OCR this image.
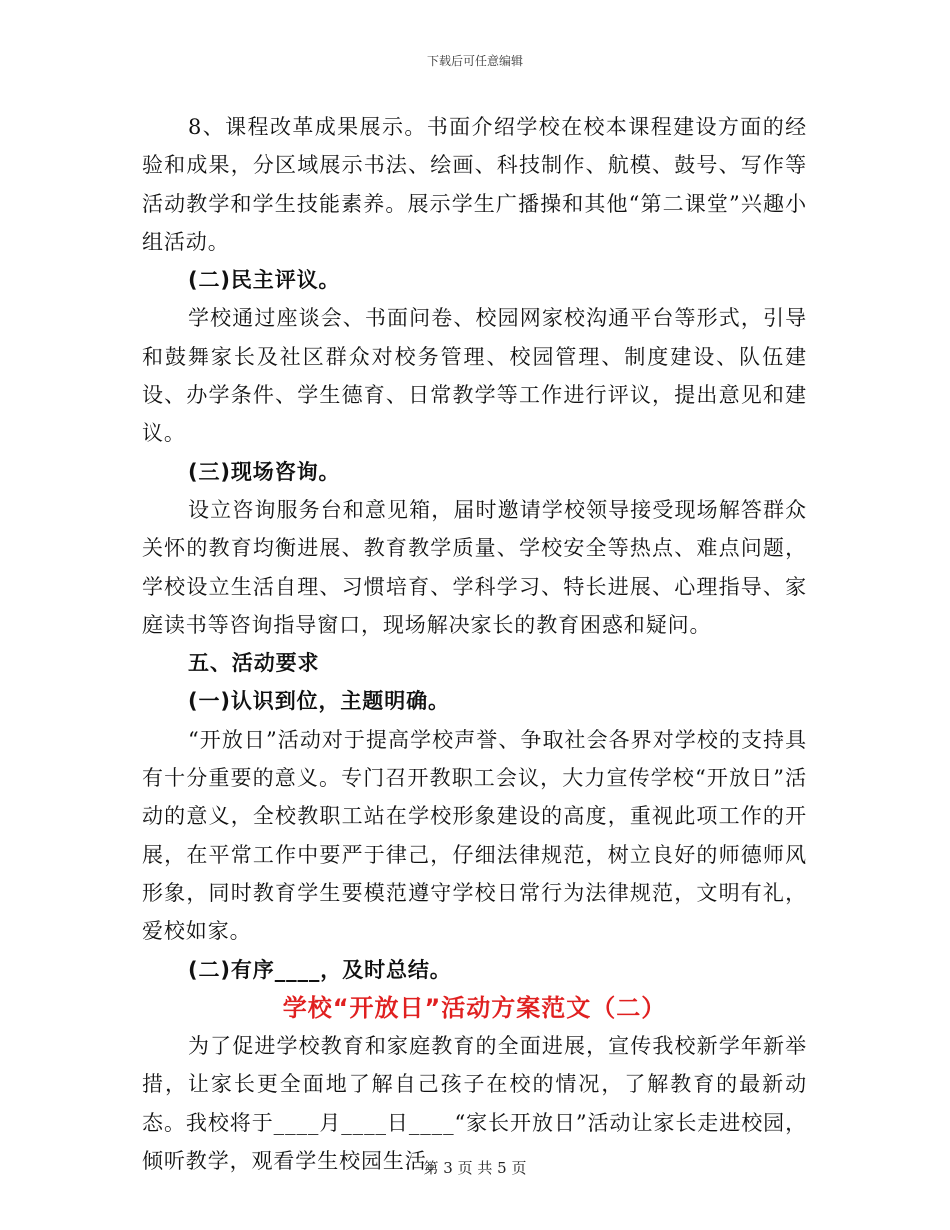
下载后可任意编辑

8、课程改革成果展示。书面介绍学校在校本课程建设方面的经验和成果，分区域展示书法、绘画、科技制作、航模、鼓号、写作等活动教学和学生技能素养。展示学生广播操和其他“第二课堂”兴趣小组活动。

(二)民主评议。

学校通过座谈会、书面问卷、校园网家校沟通平台等形式，引导和鼓舞家长及社区群众对校务管理、校园管理、制度建设、队伍建设、办学条件、学生德育、日常教学等工作进行评议，提出意见和建议。

(三)现场咨询。

设立咨询服务台和意见箱，届时邀请学校领导接受现场解答群众关怀的教育均衡进展、教育教学质量、学校安全等热点、难点问题，学校设立生活自理、习惯培育、学科学习、特长进展、心理指导、家庭读书等咨询指导窗口，现场解决家长的教育困惑和疑问。

五、活动要求

(一)认识到位，主题明确。

“开放日”活动对于提高学校声誉、争取社会各界对学校的支持具有十分重要的意义。专门召开教职工会议，大力宣传学校“开放日”活动的意义，全校教职工站在学校形象建设的高度，重视此项工作的开展，在平常工作中要严于律己，仔细法律规范，树立良好的师德师风形象，同时教育学生要模范遵守学校日常行为法律规范，文明有礼，爱校如家。

(二)有序____，及时总结。

学校“开放日”活动方案范文（二）

为了促进学校教育和家庭教育的全面进展，宣传我校新学年新举措，让家长更全面地了解自己孩子在校的情况，了解教育的最新动态。我校将于____月____日____“家长开放日”活动让家长走进校园，倾听教学，观看学生校园生活。

第 3 页 共 5 页
